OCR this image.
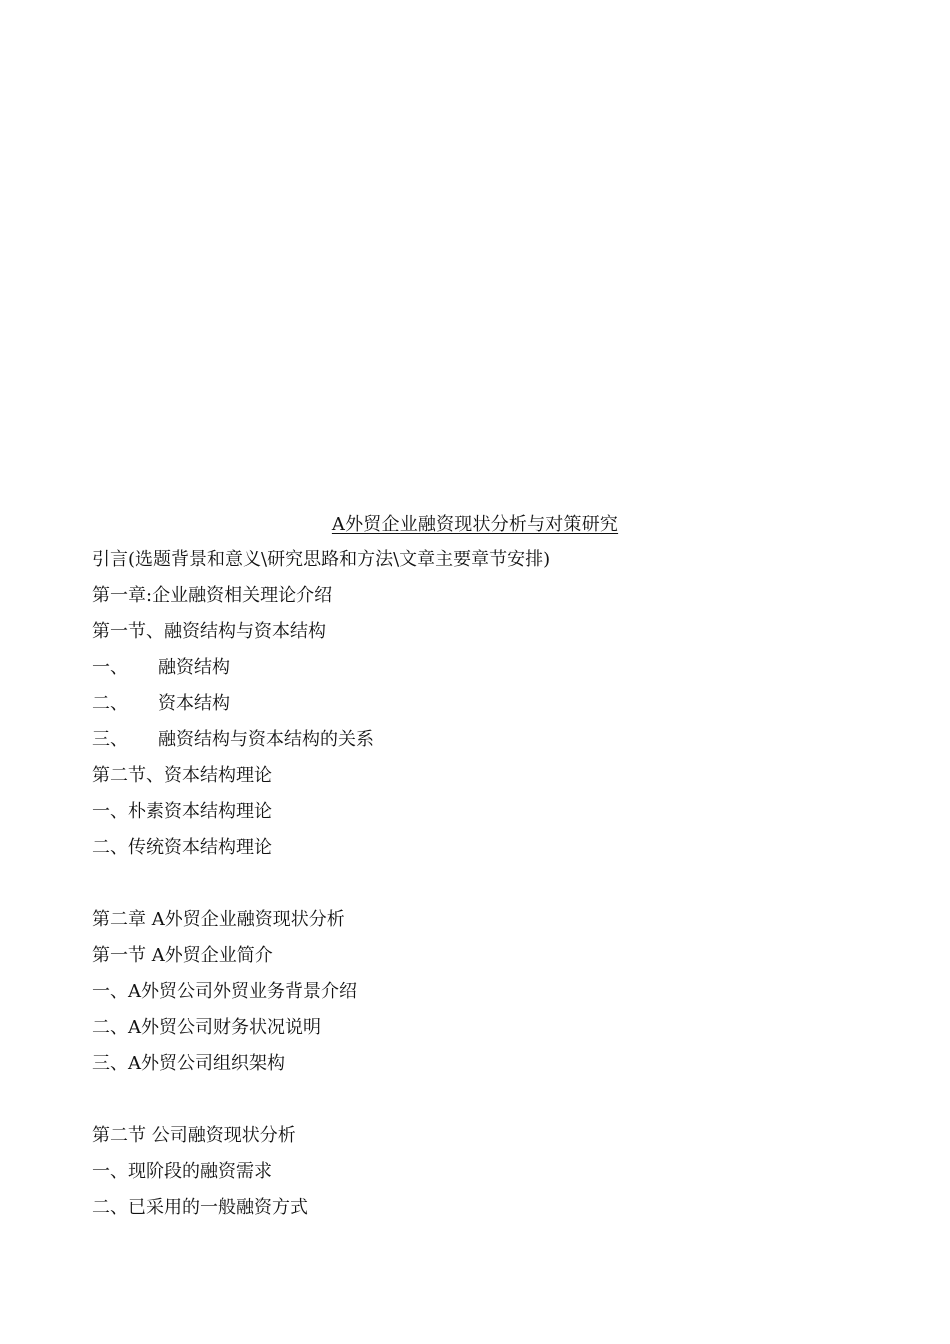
A外贸企业融资现状分析与对策研究
引言(选题背景和意义\研究思路和方法\文章主要章节安排)
第一章:企业融资相关理论介绍
第一节、融资结构与资本结构
一、 融资结构
二、 资本结构
三、 融资结构与资本结构的关系
第二节、资本结构理论
一、朴素资本结构理论
二、传统资本结构理论
第二章 A外贸企业融资现状分析
第一节 A外贸企业简介
一、A外贸公司外贸业务背景介绍
二、A外贸公司财务状况说明
三、A外贸公司组织架构
第二节 公司融资现状分析
一、现阶段的融资需求
二、已采用的一般融资方式
